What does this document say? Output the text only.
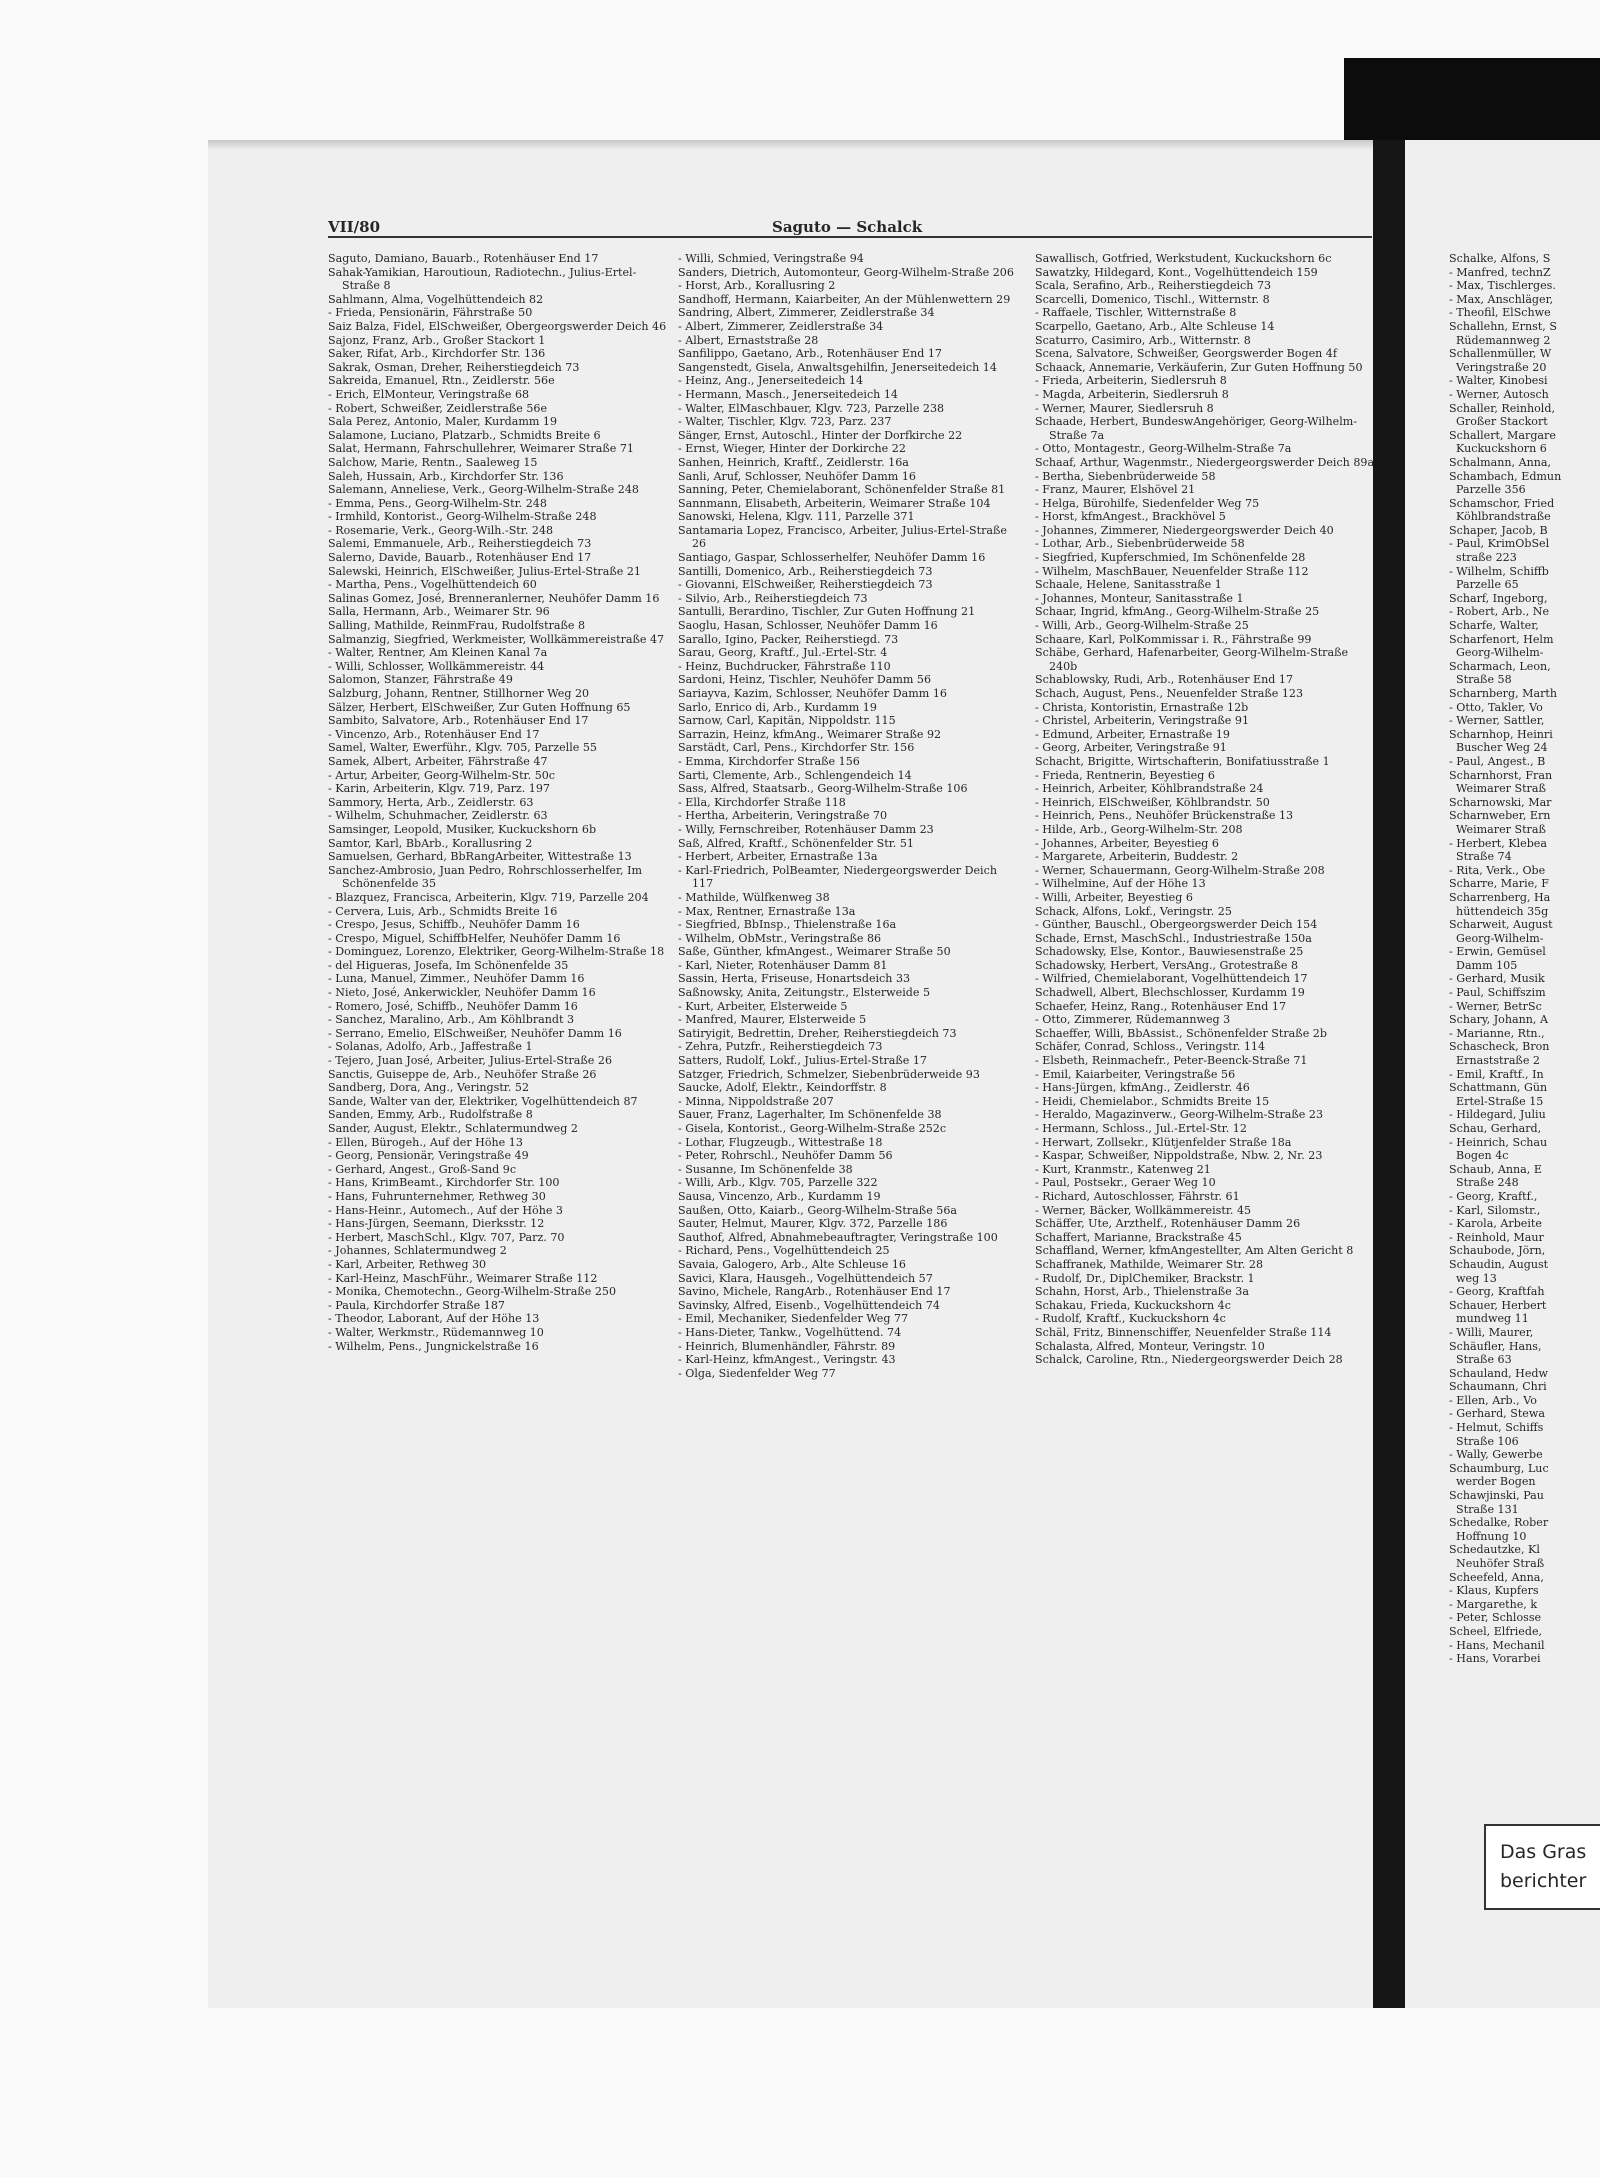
VII/80	Saguto — Schalck
Saguto, Damiano, Bauarb., Rotenhäuser End 17
Sahak-Yamikian, Haroutioun, Radiotechn., Julius-Ertel-Straße 8
Sahlmann, Alma, Vogelhüttendeich 82
- Frieda, Pensionärin, Fährstraße 50
Saiz Balza, Fidel, ElSchweißer, Obergeorgswerder Deich 46
Sajonz, Franz, Arb., Großer Stackort 1
Saker, Rifat, Arb., Kirchdorfer Str. 136
Sakrak, Osman, Dreher, Reiherstiegdeich 73
Sakreida, Emanuel, Rtn., Zeidlerstr. 56e
- Erich, ElMonteur, Veringstraße 68
- Robert, Schweißer, Zeidlerstraße 56e
Sala Perez, Antonio, Maler, Kurdamm 19
Salamone, Luciano, Platzarb., Schmidts Breite 6
Salat, Hermann, Fahrschullehrer, Weimarer Straße 71
Salchow, Marie, Rentn., Saaleweg 15
Saleh, Hussain, Arb., Kirchdorfer Str. 136
Salemann, Anneliese, Verk., Georg-Wilhelm-Straße 248
- Emma, Pens., Georg-Wilhelm-Str. 248
- Irmhild, Kontorist., Georg-Wilhelm-Straße 248
- Rosemarie, Verk., Georg-Wilh.-Str. 248
Salemi, Emmanuele, Arb., Reiherstiegdeich 73
Salerno, Davide, Bauarb., Rotenhäuser End 17
Salewski, Heinrich, ElSchweißer, Julius-Ertel-Straße 21
- Martha, Pens., Vogelhüttendeich 60
Salinas Gomez, José, Brenneranlerner, Neuhöfer Damm 16
Salla, Hermann, Arb., Weimarer Str. 96
Salling, Mathilde, ReinmFrau, Rudolfstraße 8
Salmanzig, Siegfried, Werkmeister, Wollkämmereistraße 47
- Walter, Rentner, Am Kleinen Kanal 7a
- Willi, Schlosser, Wollkämmereistr. 44
Salomon, Stanzer, Fährstraße 49
Salzburg, Johann, Rentner, Stillhorner Weg 20
Sälzer, Herbert, ElSchweißer, Zur Guten Hoffnung 65
Sambito, Salvatore, Arb., Rotenhäuser End 17
- Vincenzo, Arb., Rotenhäuser End 17
Samel, Walter, Ewerführ., Klgv. 705, Parzelle 55
Samek, Albert, Arbeiter, Fährstraße 47
- Artur, Arbeiter, Georg-Wilhelm-Str. 50c
- Karin, Arbeiterin, Klgv. 719, Parz. 197
Sammory, Herta, Arb., Zeidlerstr. 63
- Wilhelm, Schuhmacher, Zeidlerstr. 63
Samsinger, Leopold, Musiker, Kuckuckshorn 6b
Samtor, Karl, BbArb., Korallusring 2
Samuelsen, Gerhard, BbRangArbeiter, Wittestraße 13
Sanchez-Ambrosio, Juan Pedro, Rohrschlosserhelfer, Im Schönenfelde 35
- Blazquez, Francisca, Arbeiterin, Klgv. 719, Parzelle 204
- Cervera, Luis, Arb., Schmidts Breite 16
- Crespo, Jesus, Schiffb., Neuhöfer Damm 16
- Crespo, Miguel, SchiffbHelfer, Neuhöfer Damm 16
- Dominguez, Lorenzo, Elektriker, Georg-Wilhelm-Straße 18
- del Higueras, Josefa, Im Schönenfelde 35
- Luna, Manuel, Zimmer., Neuhöfer Damm 16
- Nieto, José, Ankerwickler, Neuhöfer Damm 16
- Romero, José, Schiffb., Neuhöfer Damm 16
- Sanchez, Maralino, Arb., Am Köhlbrandt 3
- Serrano, Emelio, ElSchweißer, Neuhöfer Damm 16
- Solanas, Adolfo, Arb., Jaffestraße 1
- Tejero, Juan José, Arbeiter, Julius-Ertel-Straße 26
Sanctis, Guiseppe de, Arb., Neuhöfer Straße 26
Sandberg, Dora, Ang., Veringstr. 52
Sande, Walter van der, Elektriker, Vogelhüttendeich 87
Sanden, Emmy, Arb., Rudolfstraße 8
Sander, August, Elektr., Schlatermundweg 2
- Ellen, Bürogeh., Auf der Höhe 13
- Georg, Pensionär, Veringstraße 49
- Gerhard, Angest., Groß-Sand 9c
- Hans, KrimBeamt., Kirchdorfer Str. 100
- Hans, Fuhrunternehmer, Rethweg 30
- Hans-Heinr., Automech., Auf der Höhe 3
- Hans-Jürgen, Seemann, Dierksstr. 12
- Herbert, MaschSchl., Klgv. 707, Parz. 70
- Johannes, Schlatermundweg 2
- Karl, Arbeiter, Rethweg 30
- Karl-Heinz, MaschFühr., Weimarer Straße 112
- Monika, Chemotechn., Georg-Wilhelm-Straße 250
- Paula, Kirchdorfer Straße 187
- Theodor, Laborant, Auf der Höhe 13
- Walter, Werkmstr., Rüdemannweg 10
- Wilhelm, Pens., Jungnickelstraße 16
- Willi, Schmied, Veringstraße 94
Sanders, Dietrich, Automonteur, Georg-Wilhelm-Straße 206
- Horst, Arb., Korallusring 2
Sandhoff, Hermann, Kaiarbeiter, An der Mühlenwettern 29
Sandring, Albert, Zimmerer, Zeidlerstraße 34
- Albert, Zimmerer, Zeidlerstraße 34
- Albert, Ernaststraße 28
Sanfilippo, Gaetano, Arb., Rotenhäuser End 17
Sangenstedt, Gisela, Anwaltsgehilfin, Jenerseitedeich 14
- Heinz, Ang., Jenerseitedeich 14
- Hermann, Masch., Jenerseitedeich 14
- Walter, ElMaschbauer, Klgv. 723, Parzelle 238
- Walter, Tischler, Klgv. 723, Parz. 237
Sänger, Ernst, Autoschl., Hinter der Dorfkirche 22
- Ernst, Wieger, Hinter der Dorkirche 22
Sanhen, Heinrich, Kraftf., Zeidlerstr. 16a
Sanli, Aruf, Schlosser, Neuhöfer Damm 16
Sanning, Peter, Chemielaborant, Schönenfelder Straße 81
Sannmann, Elisabeth, Arbeiterin, Weimarer Straße 104
Sanowski, Helena, Klgv. 111, Parzelle 371
Santamaria Lopez, Francisco, Arbeiter, Julius-Ertel-Straße 26
Santiago, Gaspar, Schlosserhelfer, Neuhöfer Damm 16
Santilli, Domenico, Arb., Reiherstiegdeich 73
- Giovanni, ElSchweißer, Reiherstiegdeich 73
- Silvio, Arb., Reiherstiegdeich 73
Santulli, Berardino, Tischler, Zur Guten Hoffnung 21
Saoglu, Hasan, Schlosser, Neuhöfer Damm 16
Sarallo, Igino, Packer, Reiherstiegd. 73
Sarau, Georg, Kraftf., Jul.-Ertel-Str. 4
- Heinz, Buchdrucker, Fährstraße 110
Sardoni, Heinz, Tischler, Neuhöfer Damm 56
Sariayva, Kazim, Schlosser, Neuhöfer Damm 16
Sarlo, Enrico di, Arb., Kurdamm 19
Sarnow, Carl, Kapitän, Nippoldstr. 115
Sarrazin, Heinz, kfmAng., Weimarer Straße 92
Sarstädt, Carl, Pens., Kirchdorfer Str. 156
- Emma, Kirchdorfer Straße 156
Sarti, Clemente, Arb., Schlengendeich 14
Sass, Alfred, Staatsarb., Georg-Wilhelm-Straße 106
- Ella, Kirchdorfer Straße 118
- Hertha, Arbeiterin, Veringstraße 70
- Willy, Fernschreiber, Rotenhäuser Damm 23
Saß, Alfred, Kraftf., Schönenfelder Str. 51
- Herbert, Arbeiter, Ernastraße 13a
- Karl-Friedrich, PolBeamter, Niedergeorgswerder Deich 117
- Mathilde, Wülfkenweg 38
- Max, Rentner, Ernastraße 13a
- Siegfried, BbInsp., Thielenstraße 16a
- Wilhelm, ObMstr., Veringstraße 86
Saße, Günther, kfmAngest., Weimarer Straße 50
- Karl, Nieter, Rotenhäuser Damm 81
Sassin, Herta, Friseuse, Honartsdeich 33
Saßnowsky, Anita, Zeitungstr., Elsterweide 5
- Kurt, Arbeiter, Elsterweide 5
- Manfred, Maurer, Elsterweide 5
Satiryigit, Bedrettin, Dreher, Reiherstiegdeich 73
- Zehra, Putzfr., Reiherstiegdeich 73
Satters, Rudolf, Lokf., Julius-Ertel-Straße 17
Satzger, Friedrich, Schmelzer, Siebenbrüderweide 93
Saucke, Adolf, Elektr., Keindorffstr. 8
- Minna, Nippoldstraße 207
Sauer, Franz, Lagerhalter, Im Schönenfelde 38
- Gisela, Kontorist., Georg-Wilhelm-Straße 252c
- Lothar, Flugzeugb., Wittestraße 18
- Peter, Rohrschl., Neuhöfer Damm 56
- Susanne, Im Schönenfelde 38
- Willi, Arb., Klgv. 705, Parzelle 322
Sausa, Vincenzo, Arb., Kurdamm 19
Saußen, Otto, Kaiarb., Georg-Wilhelm-Straße 56a
Sauter, Helmut, Maurer, Klgv. 372, Parzelle 186
Sauthof, Alfred, Abnahmebeauftragter, Veringstraße 100
- Richard, Pens., Vogelhüttendeich 25
Savaia, Galogero, Arb., Alte Schleuse 16
Savici, Klara, Hausgeh., Vogelhüttendeich 57
Savino, Michele, RangArb., Rotenhäuser End 17
Savinsky, Alfred, Eisenb., Vogelhüttendeich 74
- Emil, Mechaniker, Siedenfelder Weg 77
- Hans-Dieter, Tankw., Vogelhüttend. 74
- Heinrich, Blumenhändler, Fährstr. 89
- Karl-Heinz, kfmAngest., Veringstr. 43
- Olga, Siedenfelder Weg 77
Sawallisch, Gotfried, Werkstudent, Kuckuckshorn 6c
Sawatzky, Hildegard, Kont., Vogelhüttendeich 159
Scala, Serafino, Arb., Reiherstiegdeich 73
Scarcelli, Domenico, Tischl., Witternstr. 8
- Raffaele, Tischler, Witternstraße 8
Scarpello, Gaetano, Arb., Alte Schleuse 14
Scaturro, Casimiro, Arb., Witternstr. 8
Scena, Salvatore, Schweißer, Georgswerder Bogen 4f
Schaack, Annemarie, Verkäuferin, Zur Guten Hoffnung 50
- Frieda, Arbeiterin, Siedlersruh 8
- Magda, Arbeiterin, Siedlersruh 8
- Werner, Maurer, Siedlersruh 8
Schaade, Herbert, BundeswAngehöriger, Georg-Wilhelm-Straße 7a
- Otto, Montagestr., Georg-Wilhelm-Straße 7a
Schaaf, Arthur, Wagenmstr., Niedergeorgswerder Deich 89a
- Bertha, Siebenbrüderweide 58
- Franz, Maurer, Elshövel 21
- Helga, Bürohilfe, Siedenfelder Weg 75
- Horst, kfmAngest., Brackhövel 5
- Johannes, Zimmerer, Niedergeorgswerder Deich 40
- Lothar, Arb., Siebenbrüderweide 58
- Siegfried, Kupferschmied, Im Schönenfelde 28
- Wilhelm, MaschBauer, Neuenfelder Straße 112
Schaale, Helene, Sanitasstraße 1
- Johannes, Monteur, Sanitasstraße 1
Schaar, Ingrid, kfmAng., Georg-Wilhelm-Straße 25
- Willi, Arb., Georg-Wilhelm-Straße 25
Schaare, Karl, PolKommissar i. R., Fährstraße 99
Schäbe, Gerhard, Hafenarbeiter, Georg-Wilhelm-Straße 240b
Schablowsky, Rudi, Arb., Rotenhäuser End 17
Schach, August, Pens., Neuenfelder Straße 123
- Christa, Kontoristin, Ernastraße 12b
- Christel, Arbeiterin, Veringstraße 91
- Edmund, Arbeiter, Ernastraße 19
- Georg, Arbeiter, Veringstraße 91
Schacht, Brigitte, Wirtschafterin, Bonifatiusstraße 1
- Frieda, Rentnerin, Beyestieg 6
- Heinrich, Arbeiter, Köhlbrandstraße 24
- Heinrich, ElSchweißer, Köhlbrandstr. 50
- Heinrich, Pens., Neuhöfer Brückenstraße 13
- Hilde, Arb., Georg-Wilhelm-Str. 208
- Johannes, Arbeiter, Beyestieg 6
- Margarete, Arbeiterin, Buddestr. 2
- Werner, Schauermann, Georg-Wilhelm-Straße 208
- Wilhelmine, Auf der Höhe 13
- Willi, Arbeiter, Beyestieg 6
Schack, Alfons, Lokf., Veringstr. 25
- Günther, Bauschl., Obergeorgswerder Deich 154
Schade, Ernst, MaschSchl., Industriestraße 150a
Schadowsky, Else, Kontor., Bauwiesenstraße 25
Schadowsky, Herbert, VersAng., Grotestraße 8
- Wilfried, Chemielaborant, Vogelhüttendeich 17
Schadwell, Albert, Blechschlosser, Kurdamm 19
Schaefer, Heinz, Rang., Rotenhäuser End 17
- Otto, Zimmerer, Rüdemannweg 3
Schaeffer, Willi, BbAssist., Schönenfelder Straße 2b
Schäfer, Conrad, Schloss., Veringstr. 114
- Elsbeth, Reinmachefr., Peter-Beenck-Straße 71
- Emil, Kaiarbeiter, Veringstraße 56
- Hans-Jürgen, kfmAng., Zeidlerstr. 46
- Heidi, Chemielabor., Schmidts Breite 15
- Heraldo, Magazinverw., Georg-Wilhelm-Straße 23
- Hermann, Schloss., Jul.-Ertel-Str. 12
- Herwart, Zollsekr., Klütjenfelder Straße 18a
- Kaspar, Schweißer, Nippoldstraße, Nbw. 2, Nr. 23
- Kurt, Kranmstr., Katenweg 21
- Paul, Postsekr., Geraer Weg 10
- Richard, Autoschlosser, Fährstr. 61
- Werner, Bäcker, Wollkämmereistr. 45
Schäffer, Ute, Arzthelf., Rotenhäuser Damm 26
Schaffert, Marianne, Brackstraße 45
Schaffland, Werner, kfmAngestellter, Am Alten Gericht 8
Schaffranek, Mathilde, Weimarer Str. 28
- Rudolf, Dr., DiplChemiker, Brackstr. 1
Schahn, Horst, Arb., Thielenstraße 3a
Schakau, Frieda, Kuckuckshorn 4c
- Rudolf, Kraftf., Kuckuckshorn 4c
Schäl, Fritz, Binnenschiffer, Neuenfelder Straße 114
Schalasta, Alfred, Monteur, Veringstr. 10
Schalck, Caroline, Rtn., Niedergeorgswerder Deich 28
Schalke, Alfons, S
- Manfred, technZ
- Max, Tischlerges.
- Max, Anschläger,
- Theofil, ElSchwe
Schallehn, Ernst, S
Rüdemannweg 2
Schallenmüller, W
Veringstraße 20
- Walter, Kinobesi
- Werner, Autosch
Schaller, Reinhold,
Großer Stackort
Schallert, Margare
Kuckuckshorn 6
Schalmann, Anna,
Schambach, Edmun
Parzelle 356
Schamschor, Fried
Köhlbrandstraße
Schaper, Jacob, B
- Paul, KrimObSel
straße 223
- Wilhelm, Schiffb
Parzelle 65
Scharf, Ingeborg,
- Robert, Arb., Ne
Scharfe, Walter,
Scharfenort, Helm
Georg-Wilhelm-
Scharmach, Leon,
Straße 58
Scharnberg, Marth
- Otto, Takler, Vo
- Werner, Sattler,
Scharnhop, Heinri
Buscher Weg 24
- Paul, Angest., B
Scharnhorst, Fran
Weimarer Straß
Scharnowski, Mar
Scharnweber, Ern
Weimarer Straß
- Herbert, Klebea
Straße 74
- Rita, Verk., Obe
Scharre, Marie, F
Scharrenberg, Ha
hüttendeich 35g
Scharweit, August
Georg-Wilhelm-
- Erwin, Gemüsel
Damm 105
- Gerhard, Musik
- Paul, Schiffszim
- Werner, BetrSc
Schary, Johann, A
- Marianne, Rtn.,
Schascheck, Bron
Ernaststraße 2
- Emil, Kraftf., In
Schattmann, Gün
Ertel-Straße 15
- Hildegard, Juliu
Schau, Gerhard,
- Heinrich, Schau
Bogen 4c
Schaub, Anna, E
Straße 248
- Georg, Kraftf.,
- Karl, Silomstr.,
- Karola, Arbeite
- Reinhold, Maur
Schaubode, Jörn,
Schaudin, August
weg 13
- Georg, Kraftfah
Schauer, Herbert
mundweg 11
- Willi, Maurer,
Schäufler, Hans,
Straße 63
Schauland, Hedw
Schaumann, Chri
- Ellen, Arb., Vo
- Gerhard, Stewa
- Helmut, Schiffs
Straße 106
- Wally, Gewerbe
Schaumburg, Luc
werder Bogen
Schawjinski, Pau
Straße 131
Schedalke, Rober
Hoffnung 10
Schedautzke, Kl
Neuhöfer Straß
Scheefeld, Anna,
- Klaus, Kupfers
- Margarethe, k
- Peter, Schlosse
Scheel, Elfriede,
- Hans, Mechanil
- Hans, Vorarbei
Das Gras
berichter
